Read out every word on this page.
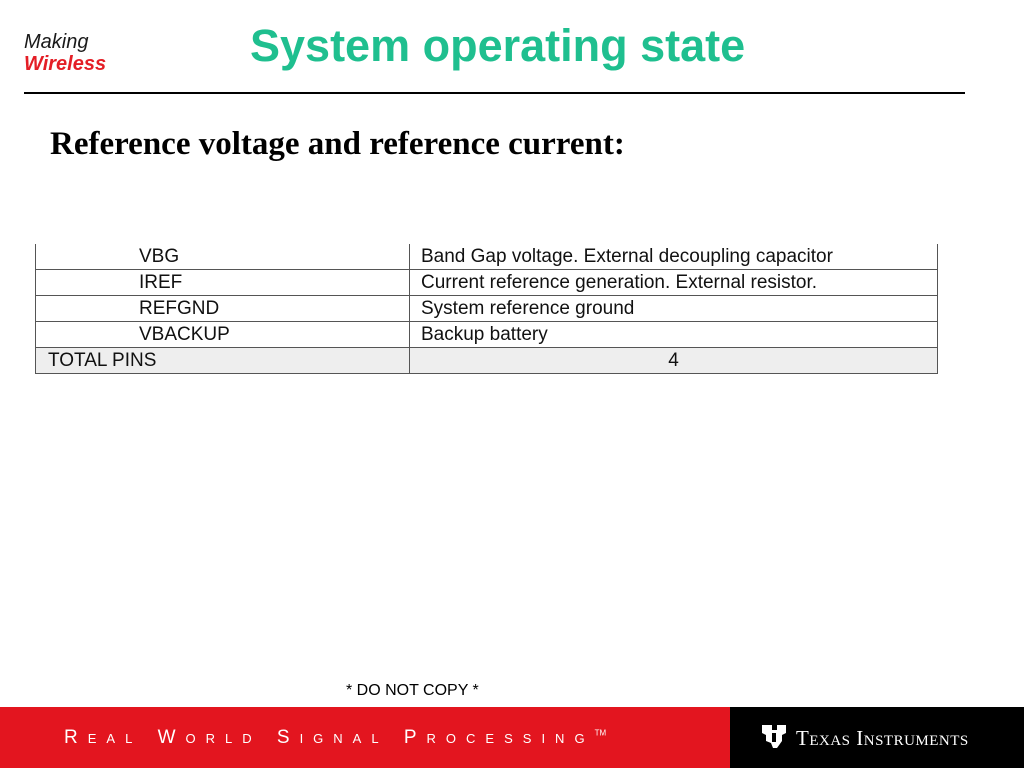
Making
Wireless	System operating state
Reference voltage and reference current:
VBG	Band Gap voltage. External decoupling capacitor
IREF	Current reference generation. External resistor.
REFGND	System reference ground
VBACKUP	Backup battery
TOTAL PINS	4
* DO NOT COPY *
Real World Signal Processing™	Texas Instruments
